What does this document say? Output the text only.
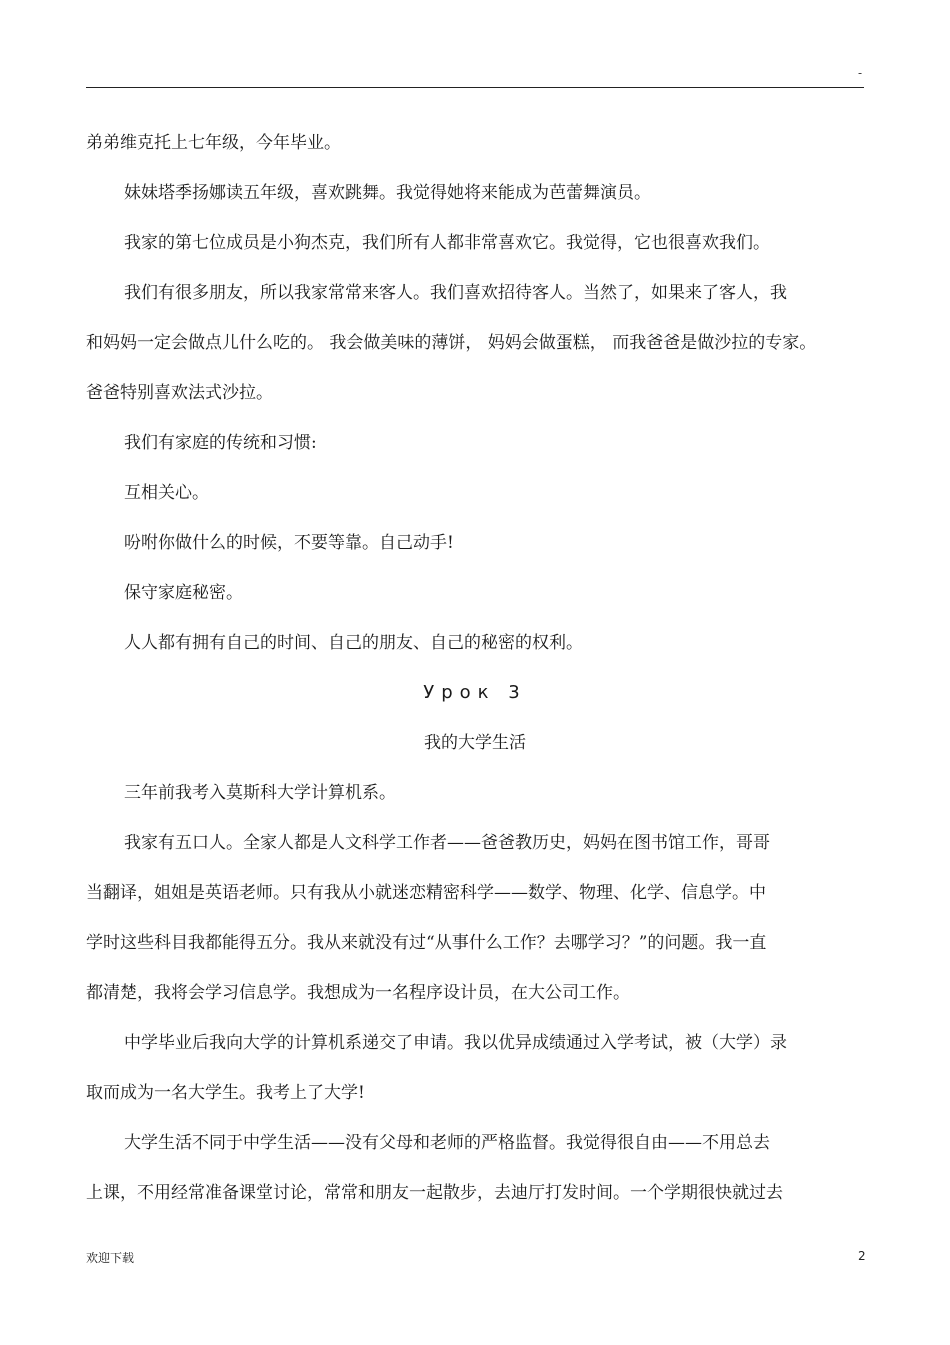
-
弟弟维克托上七年级，今年毕业。
妹妹塔季扬娜读五年级，喜欢跳舞。我觉得她将来能成为芭蕾舞演员。
我家的第七位成员是小狗杰克，我们所有人都非常喜欢它。我觉得，它也很喜欢我们。
我们有很多朋友，所以我家常常来客人。我们喜欢招待客人。当然了，如果来了客人，我
和妈妈一定会做点儿什么吃的。 我会做美味的薄饼， 妈妈会做蛋糕， 而我爸爸是做沙拉的专家。
爸爸特别喜欢法式沙拉。
我们有家庭的传统和习惯:
互相关心。
吩咐你做什么的时候，不要等靠。自己动手!
保守家庭秘密。
人人都有拥有自己的时间、自己的朋友、自己的秘密的权利。
Урок 3
我的大学生活
三年前我考入莫斯科大学计算机系。
我家有五口人。全家人都是人文科学工作者——爸爸教历史，妈妈在图书馆工作，哥哥
当翻译，姐姐是英语老师。只有我从小就迷恋精密科学——数学、物理、化学、信息学。中
学时这些科目我都能得五分。我从来就没有过“从事什么工作？去哪学习？”的问题。我一直
都清楚，我将会学习信息学。我想成为一名程序设计员，在大公司工作。
中学毕业后我向大学的计算机系递交了申请。我以优异成绩通过入学考试，被（大学）录
取而成为一名大学生。我考上了大学!
大学生活不同于中学生活——没有父母和老师的严格监督。我觉得很自由——不用总去
上课，不用经常准备课堂讨论，常常和朋友一起散步，去迪厅打发时间。一个学期很快就过去
欢迎下载	2
